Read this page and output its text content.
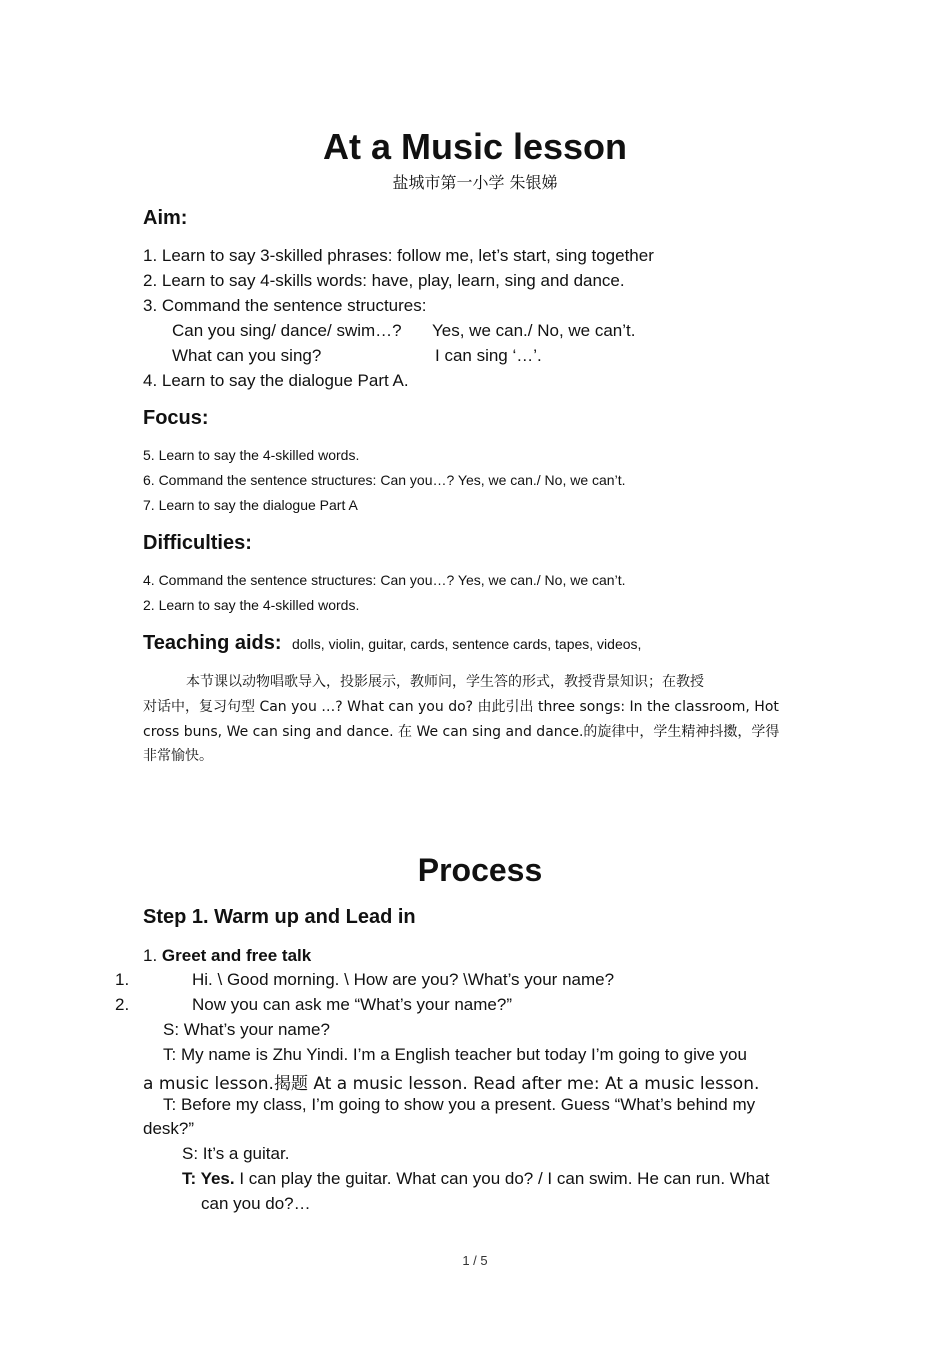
At a Music lesson
盐城市第一小学 朱银娣
Aim:
1. Learn to say 3-skilled phrases: follow me, let’s start, sing together
2. Learn to say 4-skills words: have, play, learn, sing and dance.
3. Command the sentence structures:
Can you sing/ dance/ swim…? Yes, we can./ No, we can’t.
What can you sing?	I can sing ‘…’.
4. Learn to say the dialogue Part A.
Focus:
5. Learn to say the 4-skilled words.
6. Command the sentence structures: Can you…? Yes, we can./ No, we can’t.
7. Learn to say the dialogue Part A
Difficulties:
4. Command the sentence structures: Can you…? Yes, we can./ No, we can’t.
2. Learn to say the 4-skilled words.
Teaching aids: dolls, violin, guitar, cards, sentence cards, tapes, videos,
本节课以动物唱歌导入，投影展示，教师问，学生答的形式，教授背景知识；在教授
对话中，复习句型 Can you …? What can you do? 由此引出 three songs: In the classroom, Hot
cross buns, We can sing and dance. 在 We can sing and dance.的旋律中，学生精神抖擞，学得
非常愉快。
Process
Step 1. Warm up and Lead in
1. Greet and free talk
1.	Hi. \ Good morning. \ How are you? \What’s your name?
2.	Now you can ask me “What’s your name?”
S: What’s your name?
T: My name is Zhu Yindi. I’m a English teacher but today I’m going to give you
a music lesson.揭题 At a music lesson. Read after me: At a music lesson.
T: Before my class, I’m going to show you a present. Guess “What’s behind my
desk?”
S: It’s a guitar.
T: Yes. I can play the guitar. What can you do? / I can swim. He can run. What
can you do?…
1 / 5
